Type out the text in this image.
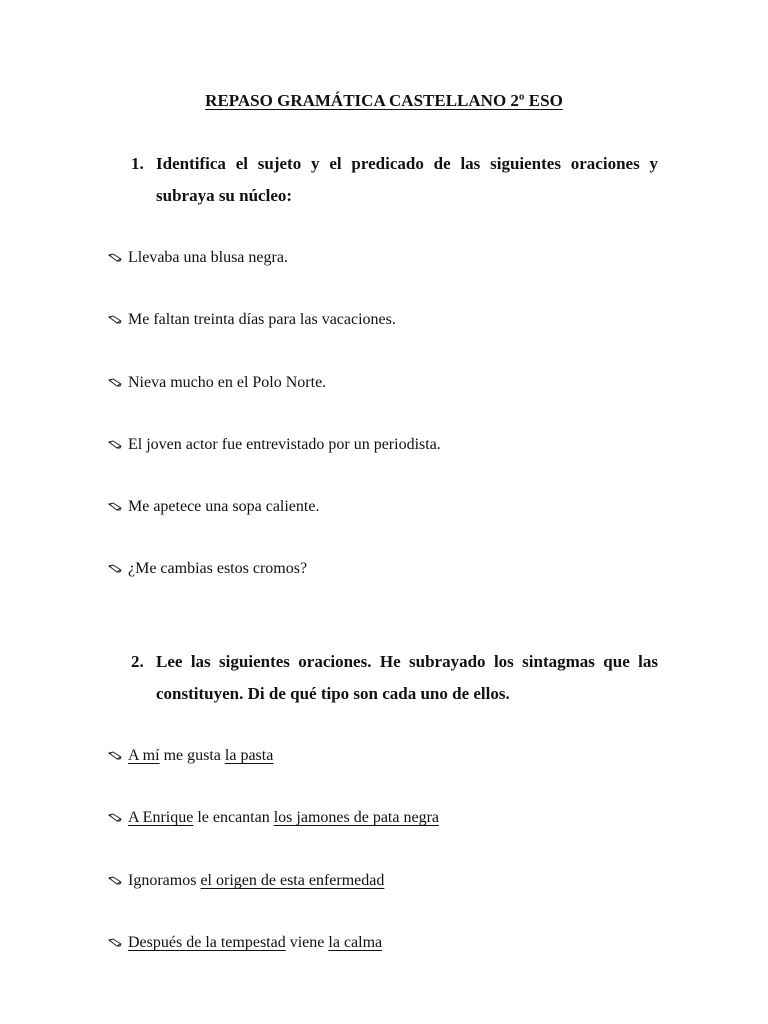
REPASO GRAMÁTICA CASTELLANO 2º ESO
1. Identifica el sujeto y el predicado de las siguientes oraciones y subraya su núcleo:
Llevaba una blusa negra.
Me faltan treinta días para las vacaciones.
Nieva mucho en el Polo Norte.
El joven actor fue entrevistado por un periodista.
Me apetece una sopa caliente.
¿Me cambias estos cromos?
2. Lee las siguientes oraciones. He subrayado los sintagmas que las constituyen. Di de qué tipo son cada uno de ellos.
A mí me gusta la pasta
A Enrique le encantan los jamones de pata negra
Ignoramos el origen de esta enfermedad
Después de la tempestad viene la calma
